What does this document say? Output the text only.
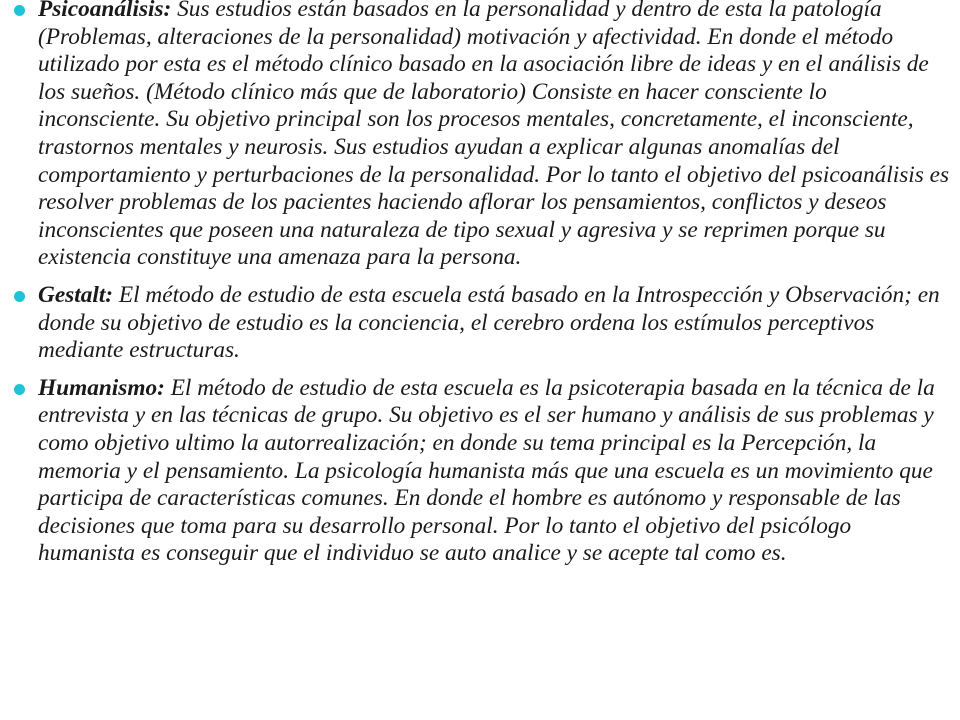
Psicoanálisis: Sus estudios están basados en la personalidad y dentro de esta la patología (Problemas, alteraciones de la personalidad) motivación y afectividad. En donde el método utilizado por esta es el método clínico basado en la asociación libre de ideas y en el análisis de los sueños. (Método clínico más que de laboratorio) Consiste en hacer consciente lo inconsciente. Su objetivo principal son los procesos mentales, concretamente, el inconsciente, trastornos mentales y neurosis. Sus estudios ayudan a explicar algunas anomalías del comportamiento y perturbaciones de la personalidad. Por lo tanto el objetivo del psicoanálisis es resolver problemas de los pacientes haciendo aflorar los pensamientos, conflictos y deseos inconscientes que poseen una naturaleza de tipo sexual y agresiva y se reprimen porque su existencia constituye una amenaza para la persona.
Gestalt: El método de estudio de esta escuela está basado en la Introspección y Observación; en donde su objetivo de estudio es la conciencia, el cerebro ordena los estímulos perceptivos mediante estructuras.
Humanismo: El método de estudio de esta escuela es la psicoterapia basada en la técnica de la entrevista y en las técnicas de grupo. Su objetivo es el ser humano y análisis de sus problemas y como objetivo ultimo la autorrealización; en donde su tema principal es la Percepción, la memoria y el pensamiento. La psicología humanista más que una escuela es un movimiento que participa de características comunes. En donde el hombre es autónomo y responsable de las decisiones que toma para su desarrollo personal. Por lo tanto el objetivo del psicólogo humanista es conseguir que el individuo se auto analice y se acepte tal como es.
